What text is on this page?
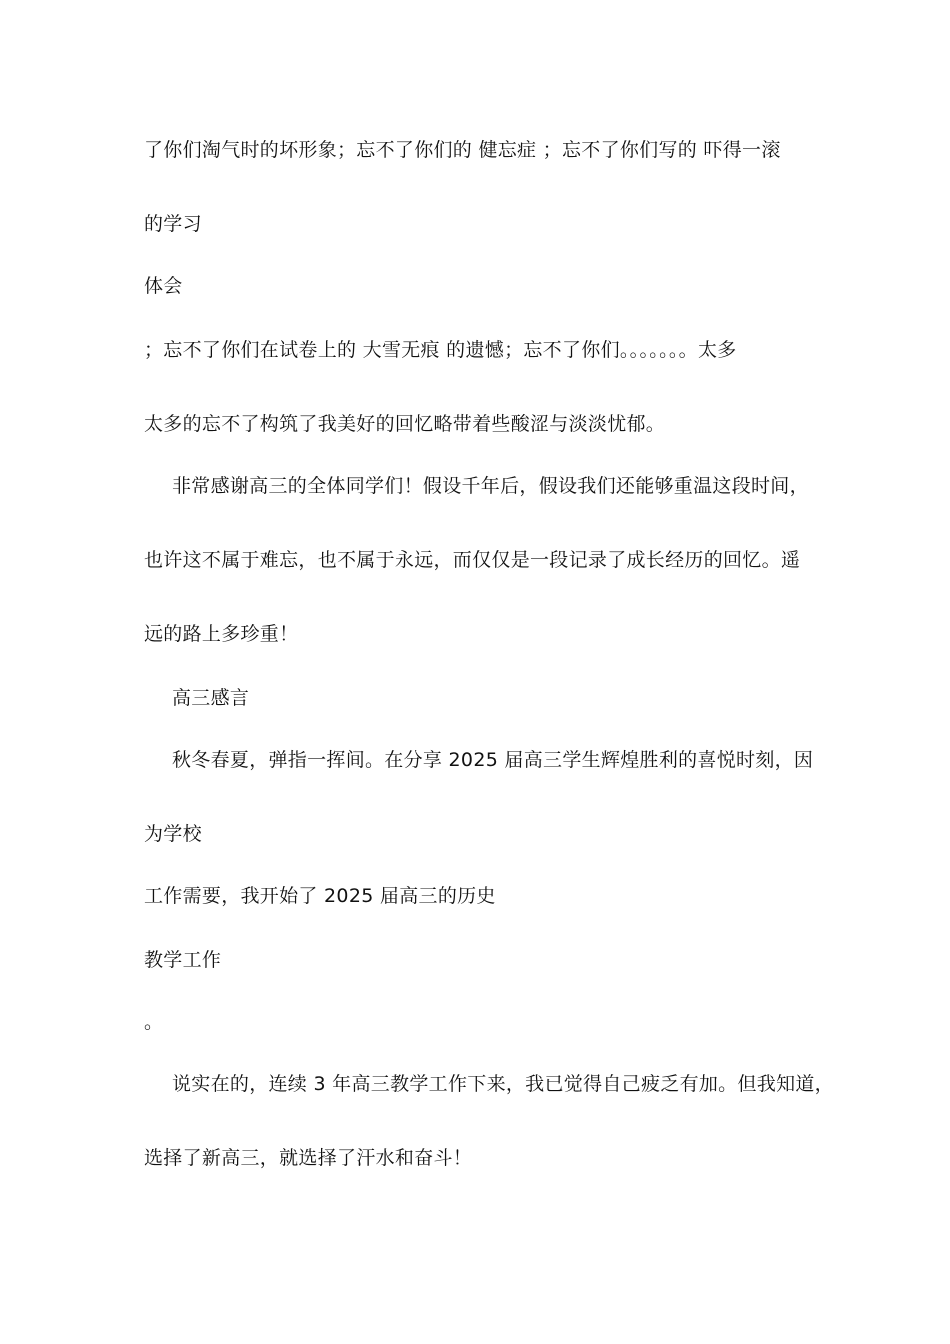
了你们淘气时的坏形象；忘不了你们的 健忘症 ；忘不了你们写的 吓得一滚
的学习
体会
；忘不了你们在试卷上的 大雪无痕 的遗憾；忘不了你们。。。。。。。太多
太多的忘不了构筑了我美好的回忆略带着些酸涩与淡淡忧郁。
非常感谢高三的全体同学们！假设千年后，假设我们还能够重温这段时间，
也许这不属于难忘，也不属于永远，而仅仅是一段记录了成长经历的回忆。遥
远的路上多珍重！
高三感言
秋冬春夏，弹指一挥间。在分享 2025 届高三学生辉煌胜利的喜悦时刻，因
为学校
工作需要，我开始了 2025 届高三的历史
教学工作
。
说实在的，连续 3 年高三教学工作下来，我已觉得自己疲乏有加。但我知道，
选择了新高三，就选择了汗水和奋斗！
